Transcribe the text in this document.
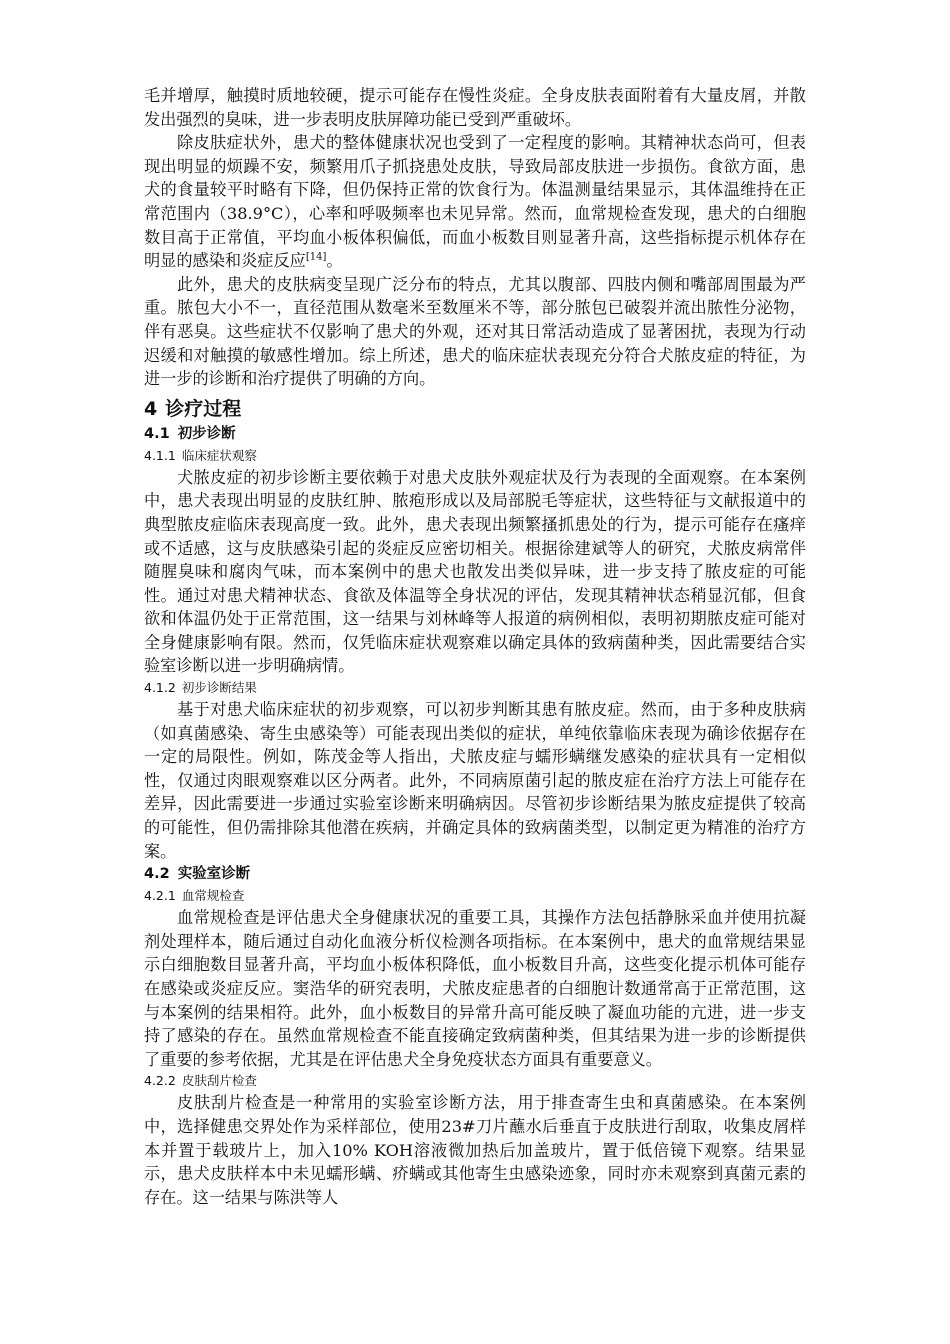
毛并增厚，触摸时质地较硬，提示可能存在慢性炎症。全身皮肤表面附着有大量皮屑，并散发出强烈的臭味，进一步表明皮肤屏障功能已受到严重破坏。

除皮肤症状外，患犬的整体健康状况也受到了一定程度的影响。其精神状态尚可，但表现出明显的烦躁不安，频繁用爪子抓挠患处皮肤，导致局部皮肤进一步损伤。食欲方面，患犬的食量较平时略有下降，但仍保持正常的饮食行为。体温测量结果显示，其体温维持在正常范围内（38.9°C），心率和呼吸频率也未见异常。然而，血常规检查发现，患犬的白细胞数目高于正常值，平均血小板体积偏低，而血小板数目则显著升高，这些指标提示机体存在明显的感染和炎症反应[14]。

此外，患犬的皮肤病变呈现广泛分布的特点，尤其以腹部、四肢内侧和嘴部周围最为严重。脓包大小不一，直径范围从数毫米至数厘米不等，部分脓包已破裂并流出脓性分泌物，伴有恶臭。这些症状不仅影响了患犬的外观，还对其日常活动造成了显著困扰，表现为行动迟缓和对触摸的敏感性增加。综上所述，患犬的临床症状表现充分符合犬脓皮症的特征，为进一步的诊断和治疗提供了明确的方向。

4 诊疗过程
4.1 初步诊断
4.1.1 临床症状观察

犬脓皮症的初步诊断主要依赖于对患犬皮肤外观症状及行为表现的全面观察。在本案例中，患犬表现出明显的皮肤红肿、脓疱形成以及局部脱毛等症状，这些特征与文献报道中的典型脓皮症临床表现高度一致。此外，患犬表现出频繁搔抓患处的行为，提示可能存在瘙痒或不适感，这与皮肤感染引起的炎症反应密切相关。根据徐建斌等人的研究，犬脓皮病常伴随腥臭味和腐肉气味，而本案例中的患犬也散发出类似异味，进一步支持了脓皮症的可能性。通过对患犬精神状态、食欲及体温等全身状况的评估，发现其精神状态稍显沉郁，但食欲和体温仍处于正常范围，这一结果与刘林峰等人报道的病例相似，表明初期脓皮症可能对全身健康影响有限。然而，仅凭临床症状观察难以确定具体的致病菌种类，因此需要结合实验室诊断以进一步明确病情。

4.1.2 初步诊断结果

基于对患犬临床症状的初步观察，可以初步判断其患有脓皮症。然而，由于多种皮肤病（如真菌感染、寄生虫感染等）可能表现出类似的症状，单纯依靠临床表现为确诊依据存在一定的局限性。例如，陈茂金等人指出，犬脓皮症与蠕形螨继发感染的症状具有一定相似性，仅通过肉眼观察难以区分两者。此外，不同病原菌引起的脓皮症在治疗方法上可能存在差异，因此需要进一步通过实验室诊断来明确病因。尽管初步诊断结果为脓皮症提供了较高的可能性，但仍需排除其他潜在疾病，并确定具体的致病菌类型，以制定更为精准的治疗方案。

4.2 实验室诊断
4.2.1 血常规检查

血常规检查是评估患犬全身健康状况的重要工具，其操作方法包括静脉采血并使用抗凝剂处理样本，随后通过自动化血液分析仪检测各项指标。在本案例中，患犬的血常规结果显示白细胞数目显著升高，平均血小板体积降低，血小板数目升高，这些变化提示机体可能存在感染或炎症反应。窦浩华的研究表明，犬脓皮症患者的白细胞计数通常高于正常范围，这与本案例的结果相符。此外，血小板数目的异常升高可能反映了凝血功能的亢进，进一步支持了感染的存在。虽然血常规检查不能直接确定致病菌种类，但其结果为进一步的诊断提供了重要的参考依据，尤其是在评估患犬全身免疫状态方面具有重要意义。

4.2.2 皮肤刮片检查

皮肤刮片检查是一种常用的实验室诊断方法，用于排查寄生虫和真菌感染。在本案例中，选择健患交界处作为采样部位，使用23#刀片蘸水后垂直于皮肤进行刮取，收集皮屑样本并置于载玻片上，加入10% KOH溶液微加热后加盖玻片，置于低倍镜下观察。结果显示，患犬皮肤样本中未见蠕形螨、疥螨或其他寄生虫感染迹象，同时亦未观察到真菌元素的存在。这一结果与陈洪等人
